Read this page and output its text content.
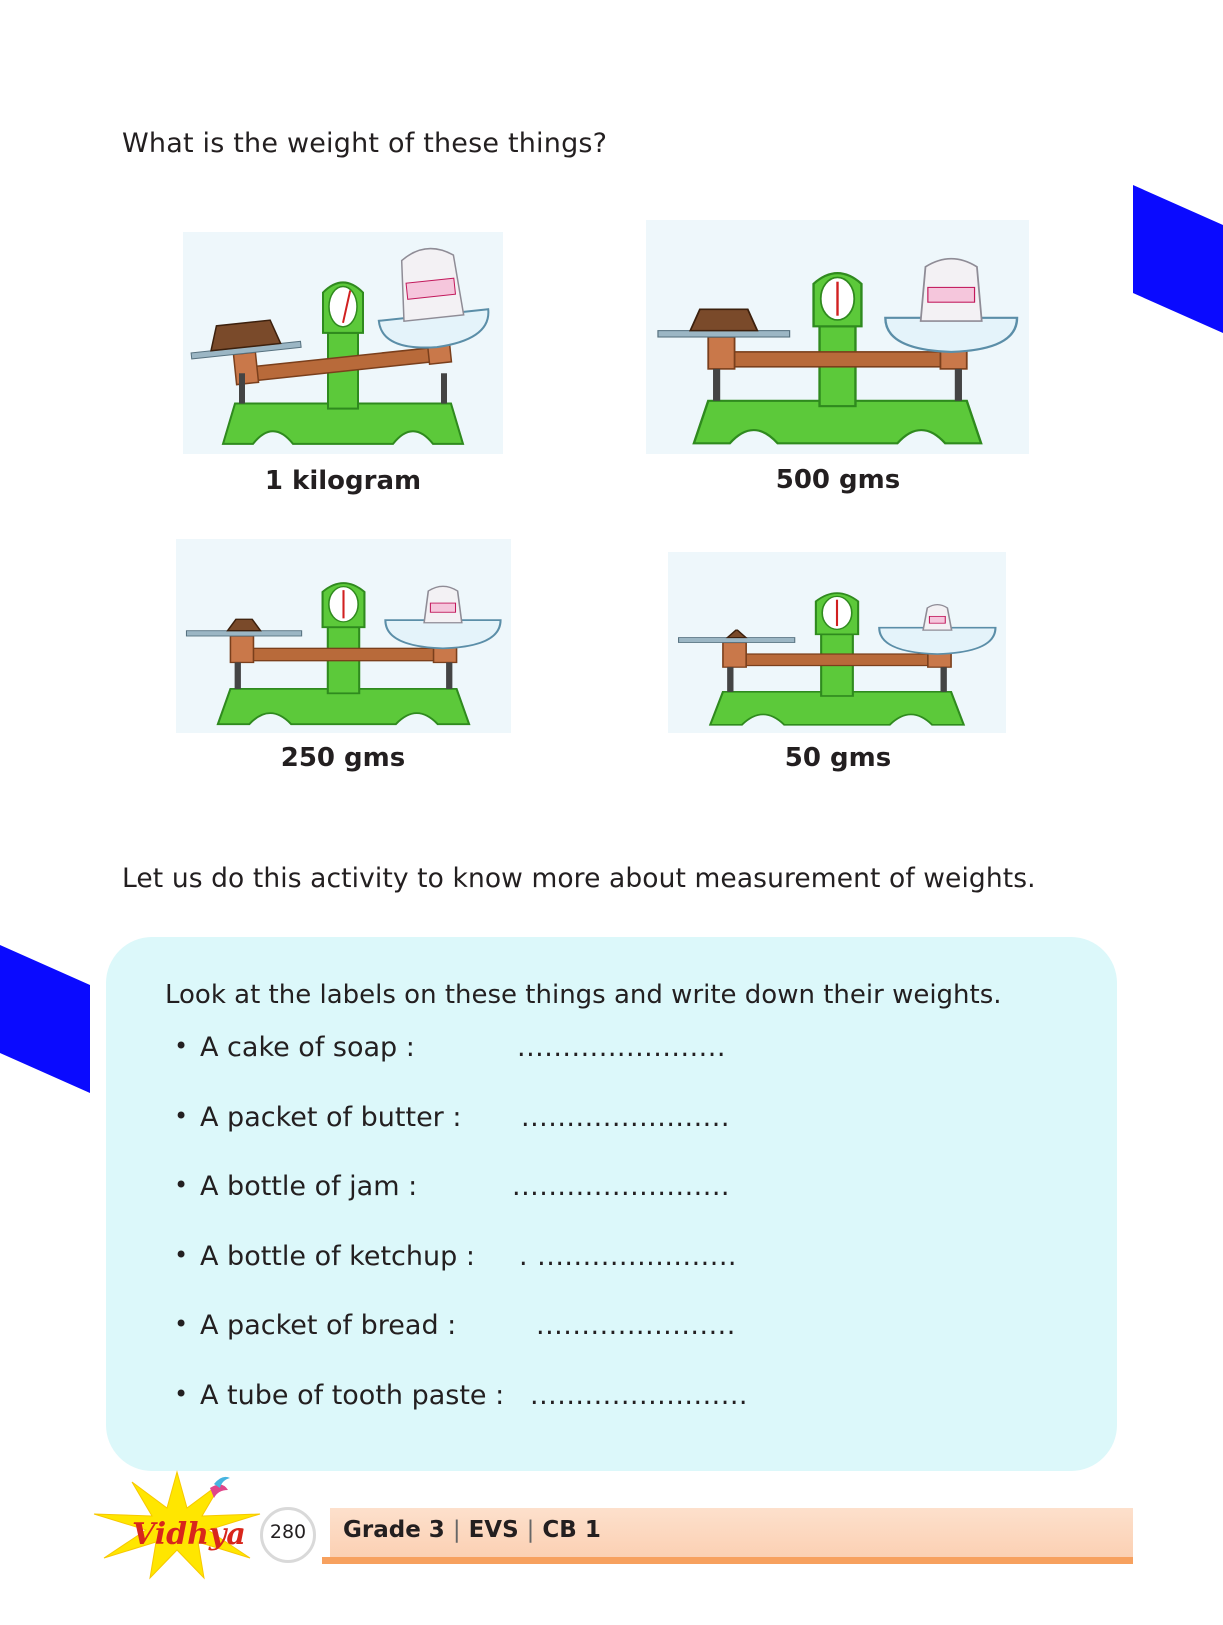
What is the weight of these things?
1 kilogram	500 gms
250 gms	50 gms
Let us do this activity to know more about measurement of weights.
Look at the labels on these things and write down their weights.
• A cake of soap :	.......................
• A packet of butter : .......................
• A bottle of jam :	........................
• A bottle of ketchup : . ......................
• A packet of bread :	......................
• A tube of tooth paste : ........................
Grade 3 | EVS | CB 1
280
Vidhya
